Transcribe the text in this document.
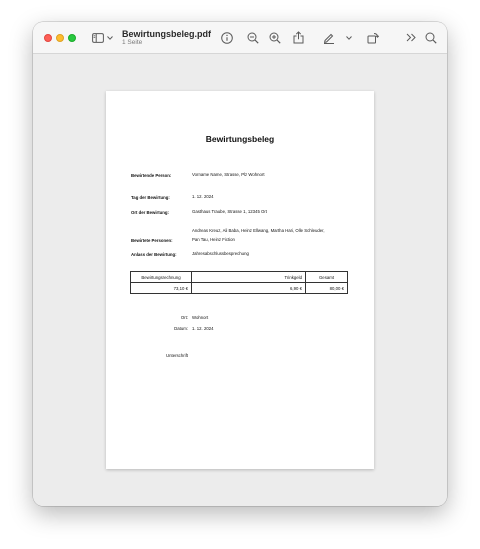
Bewirtungsbeleg.pdf
1 Seite
Bewirtungsbeleg
Bewirtende Person:	Vorname Name, Strasse, Plz Wohnort
Tag der Bewirtung:	1. 12. 2024
Ort der Bewirtung:	Gasthaus Traube, Strasse 1, 12345 Ort
Andreas Kreuz, Ali Baba, Heinz Ellwang, Martha Hari, Olle Schleuder,
Bewirtete Personen:	Pan Tau, Heinz Fiction
Anlass der Bewirtung:	Jahresabschlussbesprechung
Bewirtungsrechnung	Trinkgeld	Gesamt
73,10 €	6,90 €	80,00 €
Ort: Wohnort
Datum: 1. 12. 2024
Unterschrift
